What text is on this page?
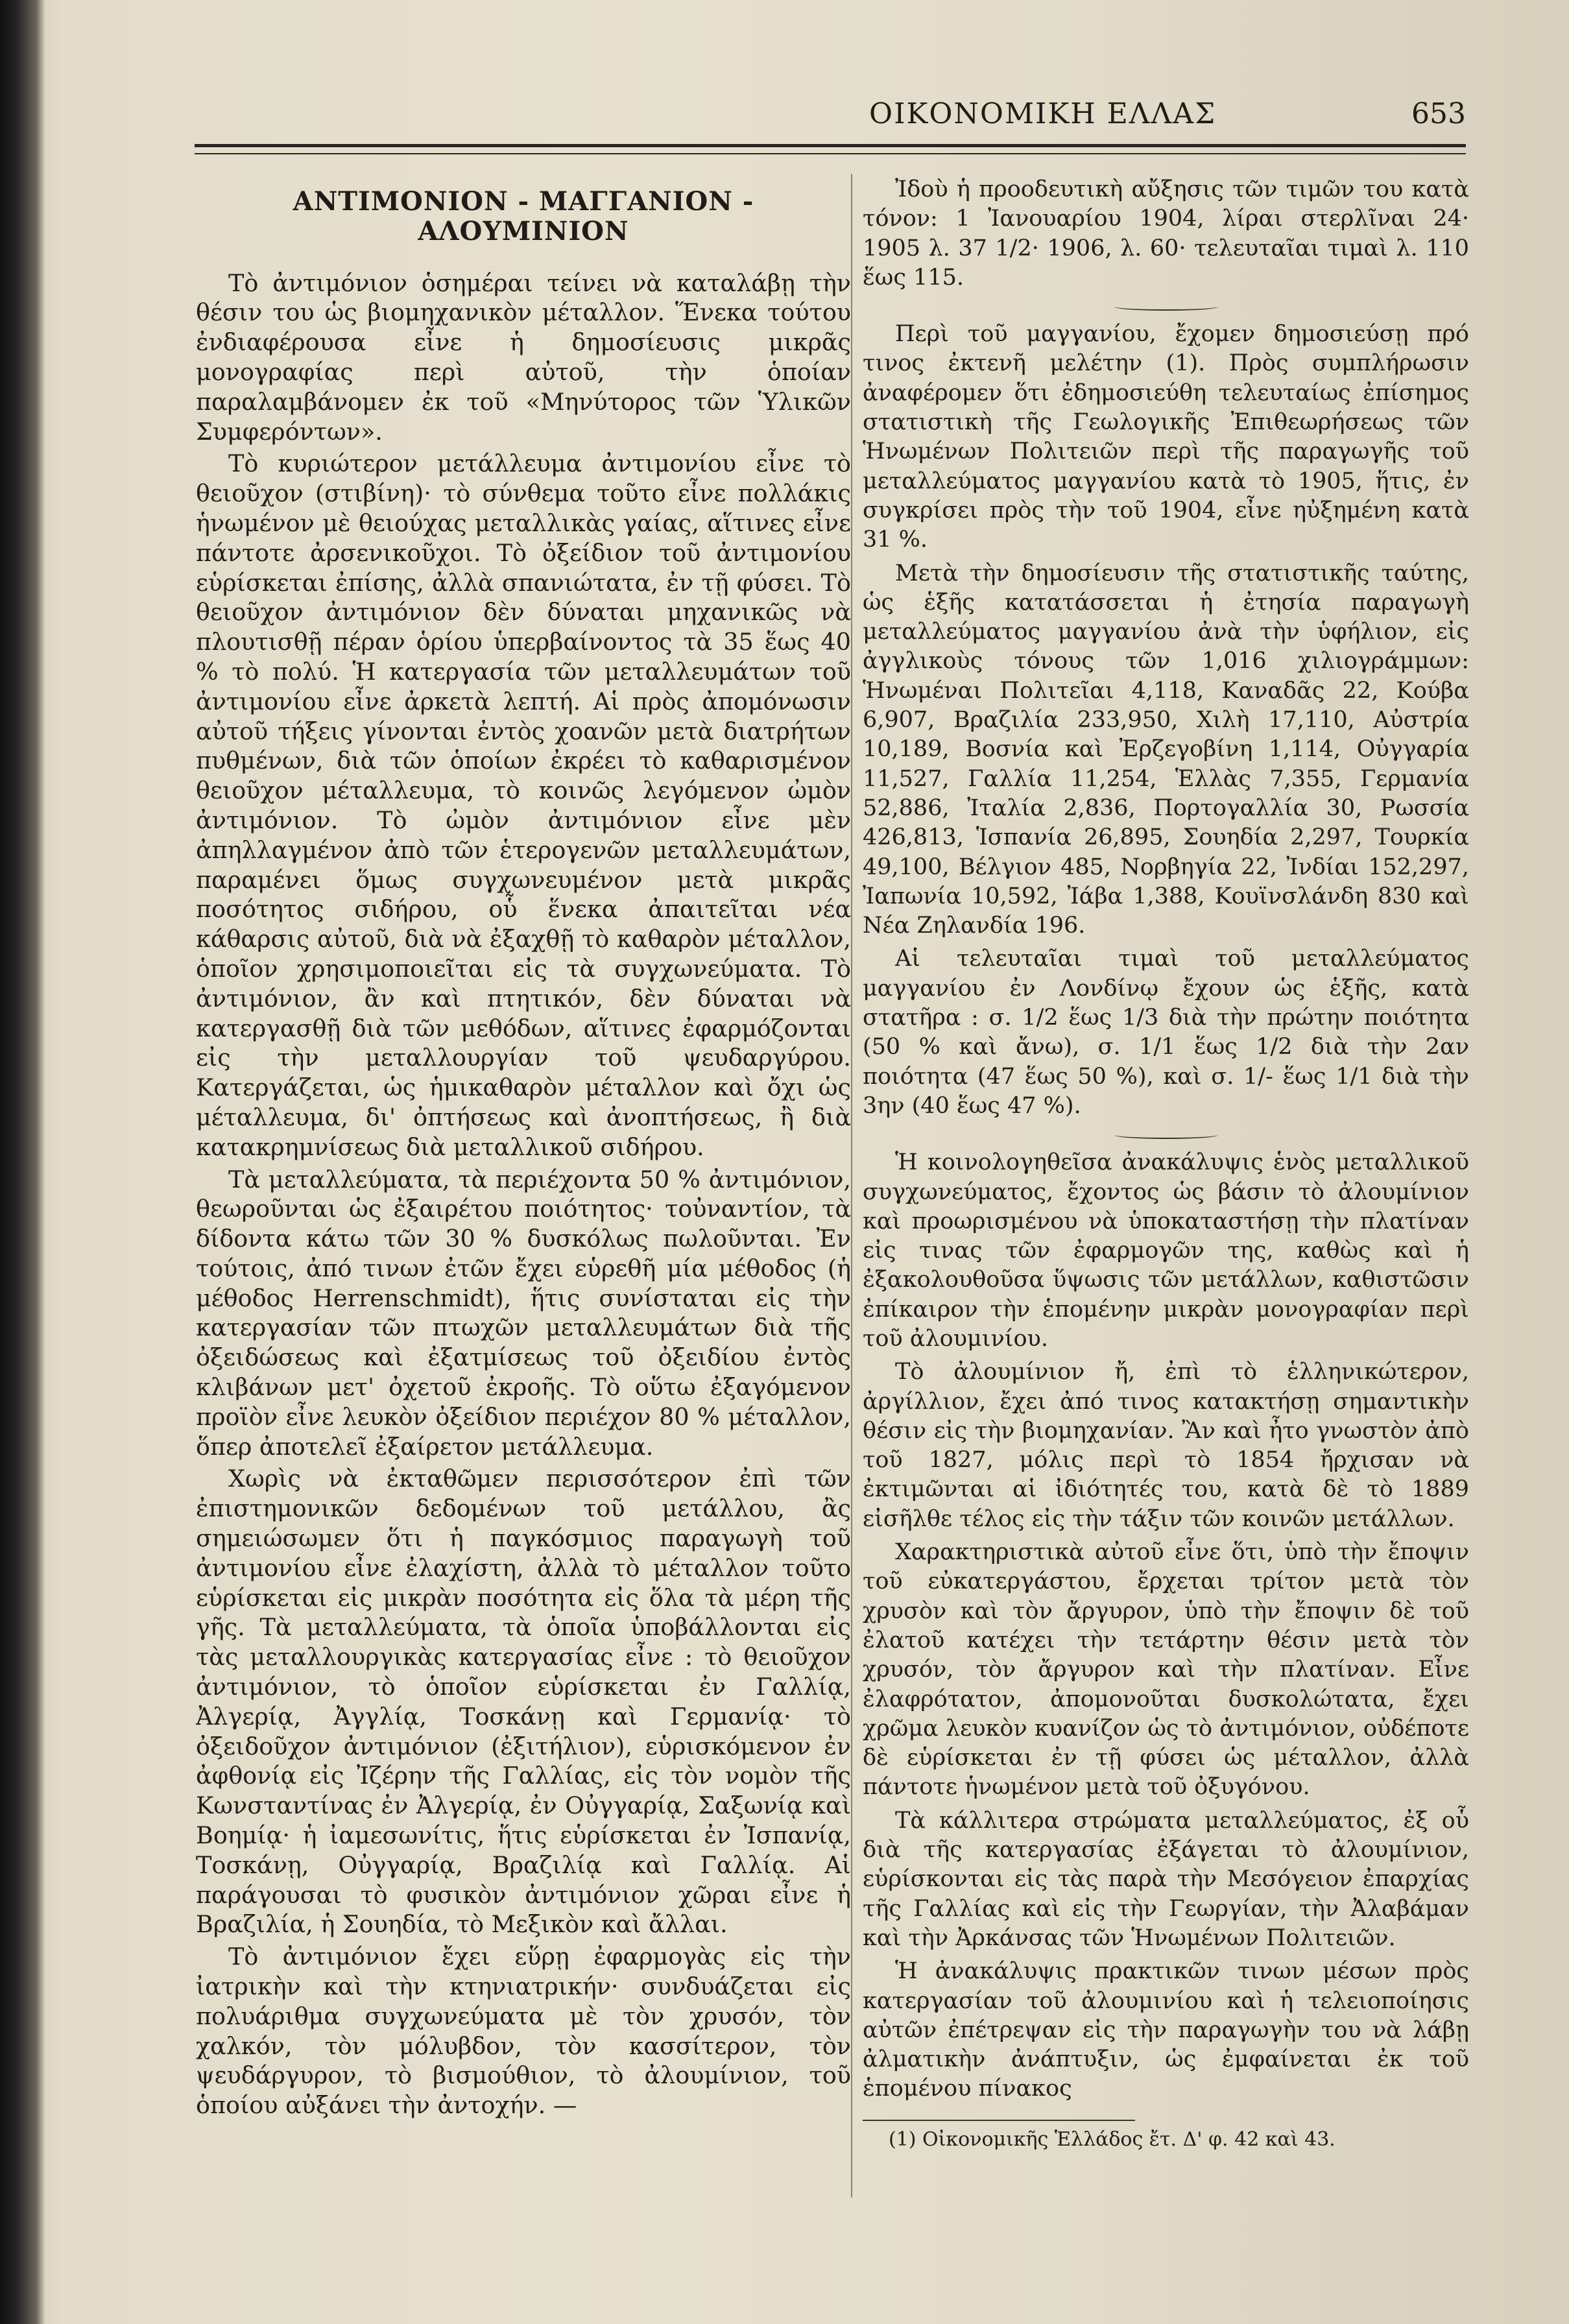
ΟΙΚΟΝΟΜΙΚΗ ΕΛΛΑΣ	653
ΑΝΤΙΜΟΝΙΟΝ - ΜΑΓΓΑΝΙΟΝ - ΑΛΟΥΜΙΝΙΟΝ

Τὸ ἀντιμόνιον ὁσημέραι τείνει νὰ καταλάβῃ τὴν θέσιν του ὡς βιομηχανικὸν μέταλλον. Ἕνεκα τούτου ἐνδιαφέρουσα εἶνε ἡ δημοσίευσις μικρᾶς μονογραφίας περὶ αὐτοῦ, τὴν ὁποίαν παραλαμβάνομεν ἐκ τοῦ «Μηνύτορος τῶν Ὑλικῶν Συμφερόντων».

Τὸ κυριώτερον μετάλλευμα ἀντιμονίου εἶνε τὸ θειοῦχον (στιβίνη)· τὸ σύνθεμα τοῦτο εἶνε πολλάκις ἡνωμένον μὲ θειούχας μεταλλικὰς γαίας, αἵτινες εἶνε πάντοτε ἀρσενικοῦχοι. Τὸ ὀξείδιον τοῦ ἀντιμονίου εὑρίσκεται ἐπίσης, ἀλλὰ σπανιώτατα, ἐν τῇ φύσει. Τὸ θειοῦχον ἀντιμόνιον δὲν δύναται μηχανικῶς νὰ πλουτισθῇ πέραν ὁρίου ὑπερβαίνοντος τὰ 35 ἕως 40 % τὸ πολύ. Ἡ κατεργασία τῶν μεταλλευμάτων τοῦ ἀντιμονίου εἶνε ἀρκετὰ λεπτή. Αἱ πρὸς ἀπομόνωσιν αὐτοῦ τήξεις γίνονται ἐντὸς χοανῶν μετὰ διατρήτων πυθμένων, διὰ τῶν ὁποίων ἐκρέει τὸ καθαρισμένον θειοῦχον μέταλλευμα, τὸ κοινῶς λεγόμενον ὠμὸν ἀντιμόνιον. Τὸ ὠμὸν ἀντιμόνιον εἶνε μὲν ἀπηλλαγμένον ἀπὸ τῶν ἑτερογενῶν μεταλλευμάτων, παραμένει ὅμως συγχωνευμένον μετὰ μικρᾶς ποσότητος σιδήρου, οὗ ἕνεκα ἀπαιτεῖται νέα κάθαρσις αὐτοῦ, διὰ νὰ ἐξαχθῇ τὸ καθαρὸν μέταλλον, ὁποῖον χρησιμοποιεῖται εἰς τὰ συγχωνεύματα. Τὸ ἀντιμόνιον, ἂν καὶ πτητικόν, δὲν δύναται νὰ κατεργασθῇ διὰ τῶν μεθόδων, αἵτινες ἐφαρμόζονται εἰς τὴν μεταλλουργίαν τοῦ ψευδαργύρου. Κατεργάζεται, ὡς ἡμικαθαρὸν μέταλλον καὶ ὄχι ὡς μέταλλευμα, δι' ὀπτήσεως καὶ ἀνοπτήσεως, ἢ διὰ κατακρημνίσεως διὰ μεταλλικοῦ σιδήρου.

Τὰ μεταλλεύματα, τὰ περιέχοντα 50 % ἀντιμόνιον, θεωροῦνται ὡς ἐξαιρέτου ποιότητος· τοὐναντίον, τὰ δίδοντα κάτω τῶν 30 % δυσκόλως πωλοῦνται. Ἐν τούτοις, ἀπό τινων ἐτῶν ἔχει εὑρεθῆ μία μέθοδος (ἡ μέθοδος Herrenschmidt), ἥτις συνίσταται εἰς τὴν κατεργασίαν τῶν πτωχῶν μεταλλευμάτων διὰ τῆς ὀξειδώσεως καὶ ἐξατμίσεως τοῦ ὀξειδίου ἐντὸς κλιβάνων μετ' ὀχετοῦ ἐκροῆς. Τὸ οὕτω ἐξαγόμενον προϊὸν εἶνε λευκὸν ὀξείδιον περιέχον 80 % μέταλλον, ὅπερ ἀποτελεῖ ἐξαίρετον μετάλλευμα.

Χωρὶς νὰ ἐκταθῶμεν περισσότερον ἐπὶ τῶν ἐπιστημονικῶν δεδομένων τοῦ μετάλλου, ἂς σημειώσωμεν ὅτι ἡ παγκόσμιος παραγωγὴ τοῦ ἀντιμονίου εἶνε ἐλαχίστη, ἀλλὰ τὸ μέταλλον τοῦτο εὑρίσκεται εἰς μικρὰν ποσότητα εἰς ὅλα τὰ μέρη τῆς γῆς. Τὰ μεταλλεύματα, τὰ ὁποῖα ὑποβάλλονται εἰς τὰς μεταλλουργικὰς κατεργασίας εἶνε : τὸ θειοῦχον ἀντιμόνιον, τὸ ὁποῖον εὑρίσκεται ἐν Γαλλίᾳ, Ἀλγερίᾳ, Ἀγγλίᾳ, Τοσκάνῃ καὶ Γερμανίᾳ· τὸ ὀξειδοῦχον ἀντιμόνιον (ἐξιτήλιον), εὑρισκόμενον ἐν ἀφθονίᾳ εἰς Ἰζέρην τῆς Γαλλίας, εἰς τὸν νομὸν τῆς Κωνσταντίνας ἐν Ἀλγερίᾳ, ἐν Οὐγγαρίᾳ, Σαξωνίᾳ καὶ Βοημίᾳ· ἡ ἰαμεσωνίτις, ἥτις εὑρίσκεται ἐν Ἰσπανίᾳ, Τοσκάνῃ, Οὐγγαρίᾳ, Βραζιλίᾳ καὶ Γαλλίᾳ. Αἱ παράγουσαι τὸ φυσικὸν ἀντιμόνιον χῶραι εἶνε ἡ Βραζιλία, ἡ Σουηδία, τὸ Μεξικὸν καὶ ἄλλαι.

Τὸ ἀντιμόνιον ἔχει εὕρῃ ἐφαρμογὰς εἰς τὴν ἰατρικὴν καὶ τὴν κτηνιατρικήν· συνδυάζεται εἰς πολυάριθμα συγχωνεύματα μὲ τὸν χρυσόν, τὸν χαλκόν, τὸν μόλυβδον, τὸν κασσίτερον, τὸν ψευδάργυρον, τὸ βισμούθιον, τὸ ἀλουμίνιον, τοῦ ὁποίου αὐξάνει τὴν ἀντοχήν. —

Ἰδοὺ ἡ προοδευτικὴ αὔξησις τῶν τιμῶν του κατὰ τόνον: 1 Ἰανουαρίου 1904, λίραι στερλῖναι 24· 1905 λ. 37 1/2· 1906, λ. 60· τελευταῖαι τιμαὶ λ. 110 ἕως 115.

Περὶ τοῦ μαγγανίου, ἔχομεν δημοσιεύσῃ πρό τινος ἐκτενῆ μελέτην (1). Πρὸς συμπλήρωσιν ἀναφέρομεν ὅτι ἐδημοσιεύθη τελευταίως ἐπίσημος στατιστικὴ τῆς Γεωλογικῆς Ἐπιθεωρήσεως τῶν Ἡνωμένων Πολιτειῶν περὶ τῆς παραγωγῆς τοῦ μεταλλεύματος μαγγανίου κατὰ τὸ 1905, ἥτις, ἐν συγκρίσει πρὸς τὴν τοῦ 1904, εἶνε ηὐξημένη κατὰ 31 %.

Μετὰ τὴν δημοσίευσιν τῆς στατιστικῆς ταύτης, ὡς ἑξῆς κατατάσσεται ἡ ἐτησία παραγωγὴ μεταλλεύματος μαγγανίου ἀνὰ τὴν ὑφήλιον, εἰς ἀγγλικοὺς τόνους τῶν 1,016 χιλιογράμμων: Ἡνωμέναι Πολιτεῖαι 4,118, Καναδᾶς 22, Κούβα 6,907, Βραζιλία 233,950, Χιλὴ 17,110, Αὐστρία 10,189, Βοσνία καὶ Ἐρζεγοβίνη 1,114, Οὐγγαρία 11,527, Γαλλία 11,254, Ἑλλὰς 7,355, Γερμανία 52,886, Ἰταλία 2,836, Πορτογαλλία 30, Ρωσσία 426,813, Ἱσπανία 26,895, Σουηδία 2,297, Τουρκία 49,100, Βέλγιον 485, Νορβηγία 22, Ἰνδίαι 152,297, Ἰαπωνία 10,592, Ἰάβα 1,388, Κουϊνσλάνδη 830 καὶ Νέα Ζηλανδία 196.

Αἱ τελευταῖαι τιμαὶ τοῦ μεταλλεύματος μαγγανίου ἐν Λονδίνῳ ἔχουν ὡς ἑξῆς, κατὰ στατῆρα : σ. 1/2 ἕως 1/3 διὰ τὴν πρώτην ποιότητα (50 % καὶ ἄνω), σ. 1/1 ἕως 1/2 διὰ τὴν 2αν ποιότητα (47 ἕως 50 %), καὶ σ. 1/- ἕως 1/1 διὰ τὴν 3ην (40 ἕως 47 %).

Ἡ κοινολογηθεῖσα ἀνακάλυψις ἑνὸς μεταλλικοῦ συγχωνεύματος, ἔχοντος ὡς βάσιν τὸ ἀλουμίνιον καὶ προωρισμένου νὰ ὑποκαταστήσῃ τὴν πλατίναν εἰς τινας τῶν ἐφαρμογῶν της, καθὼς καὶ ἡ ἐξακολουθοῦσα ὕψωσις τῶν μετάλλων, καθιστῶσιν ἐπίκαιρον τὴν ἑπομένην μικρὰν μονογραφίαν περὶ τοῦ ἀλουμινίου.

Τὸ ἀλουμίνιον ἤ, ἐπὶ τὸ ἑλληνικώτερον, ἀργίλλιον, ἔχει ἀπό τινος κατακτήσῃ σημαντικὴν θέσιν εἰς τὴν βιομηχανίαν. Ἂν καὶ ἦτο γνωστὸν ἀπὸ τοῦ 1827, μόλις περὶ τὸ 1854 ἤρχισαν νὰ ἐκτιμῶνται αἱ ἰδιότητές του, κατὰ δὲ τὸ 1889 εἰσῆλθε τέλος εἰς τὴν τάξιν τῶν κοινῶν μετάλλων.

Χαρακτηριστικὰ αὐτοῦ εἶνε ὅτι, ὑπὸ τὴν ἔποψιν τοῦ εὐκατεργάστου, ἔρχεται τρίτον μετὰ τὸν χρυσὸν καὶ τὸν ἄργυρον, ὑπὸ τὴν ἔποψιν δὲ τοῦ ἐλατοῦ κατέχει τὴν τετάρτην θέσιν μετὰ τὸν χρυσόν, τὸν ἄργυρον καὶ τὴν πλατίναν. Εἶνε ἐλαφρότατον, ἀπομονοῦται δυσκολώτατα, ἔχει χρῶμα λευκὸν κυανίζον ὡς τὸ ἀντιμόνιον, οὐδέποτε δὲ εὑρίσκεται ἐν τῇ φύσει ὡς μέταλλον, ἀλλὰ πάντοτε ἡνωμένον μετὰ τοῦ ὀξυγόνου.

Τὰ κάλλιτερα στρώματα μεταλλεύματος, ἐξ οὗ διὰ τῆς κατεργασίας ἐξάγεται τὸ ἀλουμίνιον, εὑρίσκονται εἰς τὰς παρὰ τὴν Μεσόγειον ἐπαρχίας τῆς Γαλλίας καὶ εἰς τὴν Γεωργίαν, τὴν Ἀλαβάμαν καὶ τὴν Ἀρκάνσας τῶν Ἡνωμένων Πολιτειῶν.

Ἡ ἀνακάλυψις πρακτικῶν τινων μέσων πρὸς κατεργασίαν τοῦ ἀλουμινίου καὶ ἡ τελειοποίησις αὐτῶν ἐπέτρεψαν εἰς τὴν παραγωγὴν του νὰ λάβῃ ἀλματικὴν ἀνάπτυξιν, ὡς ἐμφαίνεται ἐκ τοῦ ἑπομένου πίνακος

(1) Οἰκονομικῆς Ἑλλάδος ἔτ. Δ' φ. 42 καὶ 43.
